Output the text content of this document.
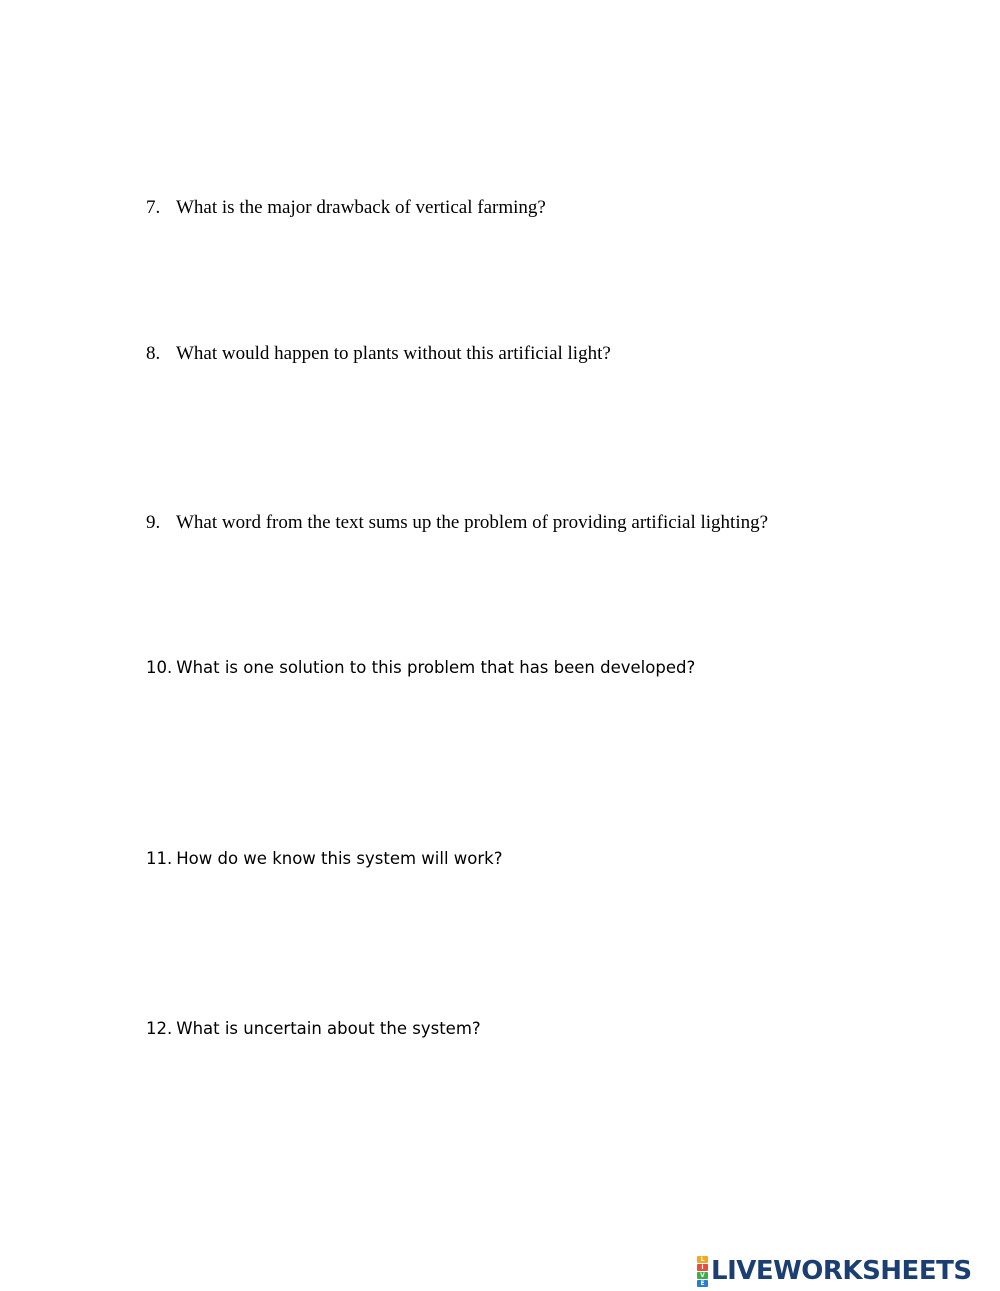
7. What is the major drawback of vertical farming?
8. What would happen to plants without this artificial light?
9. What word from the text sums up the problem of providing artificial lighting?
10. What is one solution to this problem that has been developed?
11. How do we know this system will work?
12. What is uncertain about the system?
L
I
V
E LIVEWORKSHEETS
